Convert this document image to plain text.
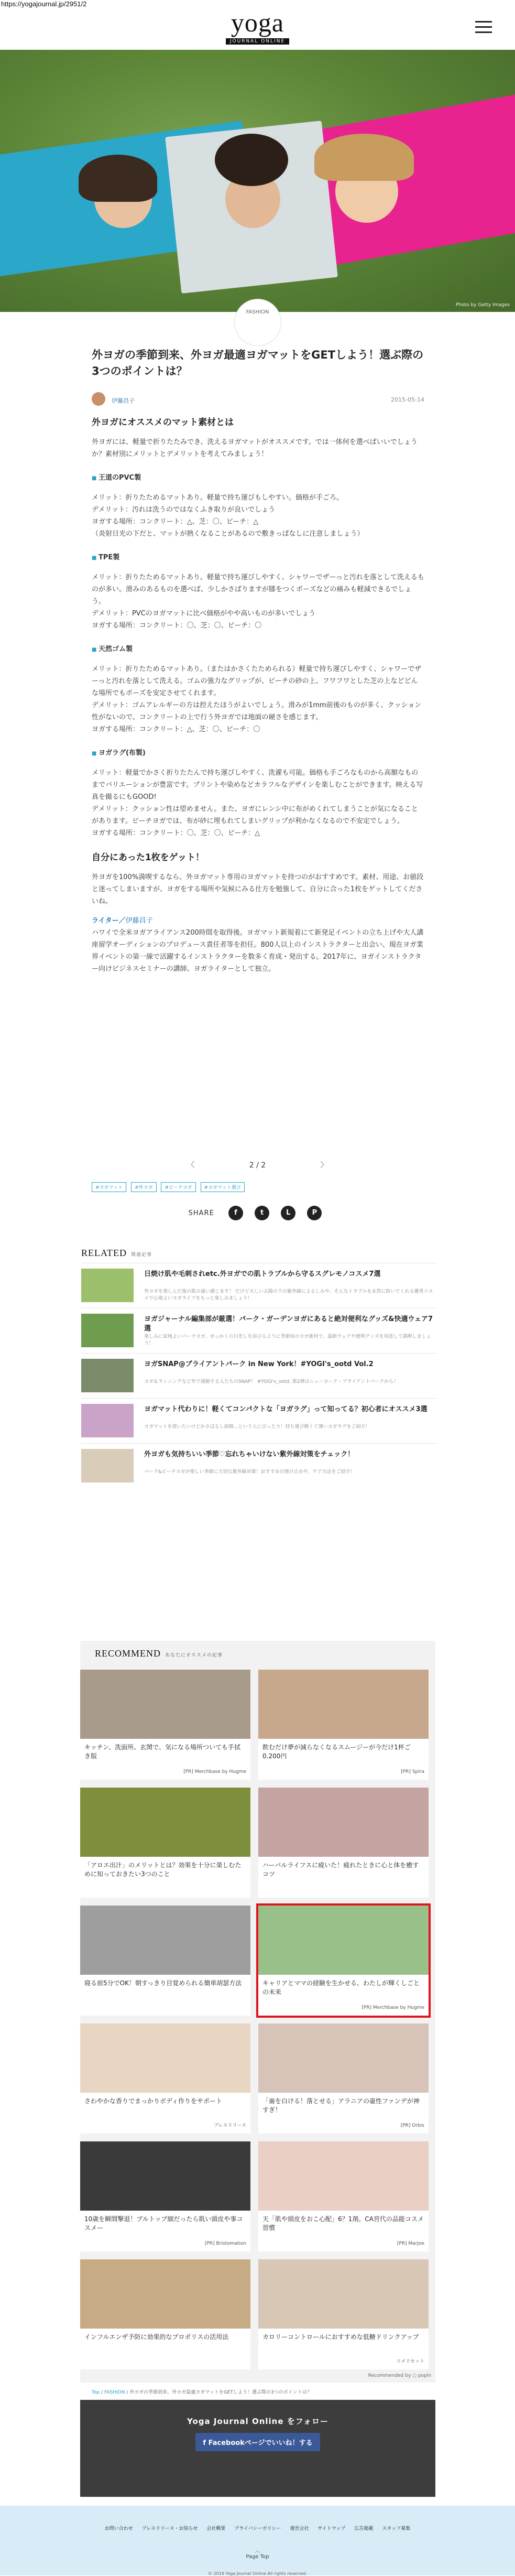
https://yogajournal.jp/2951/2
yoga
JOURNAL ONLINE
Photo by Getty Images
FASHION
外ヨガの季節到来、外ヨガ最適ヨガマットをGETしよう！選ぶ際の3つのポイントは？
伊藤昌子	2015-05-14
外ヨガにオススメのマット素材とは

外ヨガには、軽量で折りたたみでき、洗えるヨガマットがオススメです。では一体何を選べばいいでしょうか？素材別にメリットとデメリットを考えてみましょう！

■ 王道のPVC製

メリット：折りたためるマットあり。軽量で持ち運びもしやすい。価格が手ごろ。

デメリット：汚れは洗うのではなくふき取りが良いでしょう

ヨガする場所：コンクリート：△、芝：〇、ビーチ：△

（炎射日光の下だと、マットが熱くなることがあるので敷きっぱなしに注意しましょう）

■ TPE製

メリット：折りたためるマットあり。軽量で持ち運びしやすく、シャワーでザーっと汚れを落として洗えるものが多い。滑みのあるものを選べば、少しかさばりますが膝をつくポーズなどの痛みも軽減できるでしょう。

デメリット：PVCのヨガマットに比べ価格がやや高いものが多いでしょう

ヨガする場所：コンクリート：〇、芝：〇、ビーチ：〇

■ 天然ゴム製

メリット：折りたためるマットあり。（またはかさくたためられる）軽量で持ち運びしやすく、シャワーでザーっと汚れを落として洗える。ゴムの強力なグリップが、ビーチの砂の上、フワフワとした芝の上などどんな場所でもポーズを安定させてくれます。

デメリット：ゴムアレルギーの方は控えたほうがよいでしょう。滑みが1mm前後のものが多く、クッション性がないので、コンクリートの上で行う外ヨガでは地面の硬さを感じます。

ヨガする場所：コンクリート：△、芝：〇、ビーチ：〇

■ ヨガラグ(布製)

メリット：軽量でかさく折りたたんで持ち運びしやすく、洗濯も可能。価格も手ごろなものから高額なものまでバリエーションが豊富です。プリントや染めなどカラフルなデザインを楽しむことができます。映える写真を撮るにもGOOD!

デメリット：クッション性は望めません。また、ヨガにレンシ中に布がめくれてしまうことが気になることがあります。ビーチヨガでは、布が砂に埋もれてしまいグリップが利かなくなるので不安定でしょう。

ヨガする場所：コンクリート：〇、芝：〇、ビーチ：△

自分にあった1枚をゲット！

外ヨガを100%満喫するなら、外ヨガマット専用のヨガマットを持つのがおすすめです。素材、用途、お値段と迷ってしまいますが、ヨガをする場所や気候にみる仕方を勉強して、自分に合った1枚をゲットしてくださいね。

ライター／伊藤昌子

ハワイで全米ヨガアライアンス200時間を取得後。ヨガマット新規着にて新発足イベントの立ち上げや大人講座留学オーディションのプロデュース責任者等を担任。800人以上のインストラクターと出会い、現在ヨガ業界イベントの第一線で活躍するインストラクターを数多く育成・発出する。2017年に、ヨガインストラクター向けビジネスセミナーの講師、ヨガライターとして独立。

〈	2 / 2	〉
#ヨガマット	#外ヨガ	#ビーチヨガ	#ヨガマット選び
SHARE	f	t	L	P
RELATED 関連記事
日焼け肌や毛刺されetc.外ヨガでの肌トラブルから守るスグレモノコスメ7選
外ヨガを楽しんだ後の肌の違い感じます！ だけど夫しい太陽の下の紫外線によるしみや、そんなトラブルを未然に防いでくれる優秀コスメで心地よいヨガライフをもっと楽しみましょう！
ヨガジャーナル編集部が厳選！パーク・ガーデンヨガにあると絶対便利なグッズ&快適ウェア7選
楽しみに家地よいパークヨガ。せっかくの日差しを浴びるように季節毎のヨガ素材で、最新ウェアや便利グッズを用意して満喫しましょう！
ヨガSNAP@ブライアントパーク in New York！#YOGI's_ootd Vol.2
ヨガ＆ランニングなど外で運動する人たちのSNAP！ #YOGI's_ootd, 第2弾はニューヨーク・ブライアントパークから！
ヨガマット代わりに！軽くてコンパクトな「ヨガラグ」って知ってる？初心者にオススメ3選
ヨガマットを使いたいけどかさばるし面倒…という人にぴったり！持ち運び軽くて薄いヨガラグをご紹介！
外ヨガも気持ちいい季節♡忘れちゃいけない紫外線対策をチェック！
パーク&ビーチヨガが楽しい季節に大切な紫外線対策！おすすめ日焼け止めや、ケア方法をご紹介！
RECOMMEND あなたにオススメの記事
キッチン、洗面所、玄関で、気になる場所ついても手拭き版
[PR] Merchbase by Hugme
飲むだけ夢が減らなくなるスムージーが今だけ1杯ご0.200円
[PR] Spira
「アロエ出汁」のメリットとは？効果を十分に楽しむために知っておきたい3つのこと
ハーバルライフスに疲いた！疲れたときに心と体を癒すコツ
寝る前5分でOK！朝すっきり目覚められる簡単胡瑟方法	キャリアとママの経験を生かせる、わたしが輝くしごとの未来
[PR] Merchbase by Hugme
さわやかな香りでまっかりボディ作りをサポート
プレスリリース
「歯を白ける！落とせる」アラニアの壷性ファンデが神すぎ！
[PR] Orbis
10歳を瞬間撃退！プルトップ細だったら肌い頭皮や事コスメー
[PR] Bristomation
天「肌や頭皮をおこ心配」6？1剤。CA宮代の品能コスメ習慣
[PR] Marjoe
インフルエンザ予防に効果的なプロポリスの活用法	カロリーコントロールにおすすめな低糖ドリンクアップ
コメリセット
Recommended by ○ popln
Top / FASHION / 外ヨガの季節到来、外ヨガ最適ヨガマットをGETしよう！選ぶ際の3つのポイントは？
Yoga Journal Online をフォロー
f Facebookページでいいね！する
お問い合わせ プレスリリース・お知らせ 会社概要 プライバシーポリシー 運営会社 サイトマップ 広告掲載 スタッフ募集
︿
Page Top
© 2019 Yoga Journal Online All rights reserved.
